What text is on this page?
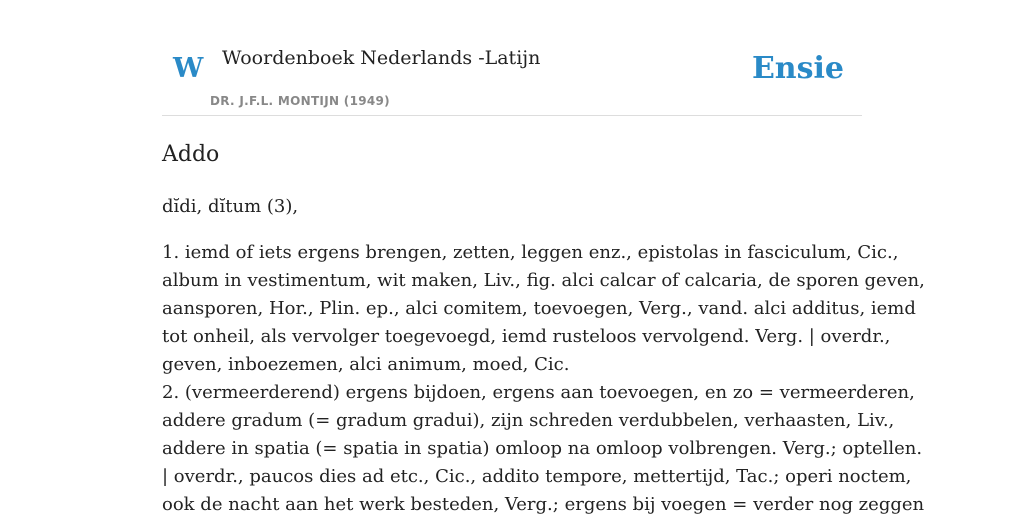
W Woordenboek Nederlands -Latijn
DR. J.F.L. MONTIJN (1949)
Ensie
Addo
dĭdi, dĭtum (3),
1. iemd of iets ergens brengen, zetten, leggen enz., epistolas in fasciculum, Cic.,
album in vestimentum, wit maken, Liv., fig. alci calcar of calcaria, de sporen geven,
aansporen, Hor., Plin. ep., alci comitem, toevoegen, Verg., vand. alci additus, iemd
tot onheil, als vervolger toegevoegd, iemd rusteloos vervolgend. Verg. | overdr.,
geven, inboezemen, alci animum, moed, Cic.
2. (vermeerderend) ergens bijdoen, ergens aan toevoegen, en zo = vermeerderen,
addere gradum (= gradum gradui), zijn schreden verdubbelen, verhaasten, Liv.,
addere in spatia (= spatia in spatia) omloop na omloop volbrengen. Verg.; optellen.
| overdr., paucos dies ad etc., Cic., addito tempore, mettertijd, Tac.; operi noctem,
ook de nacht aan het werk besteden, Verg.; ergens bij voegen = verder nog zeggen
